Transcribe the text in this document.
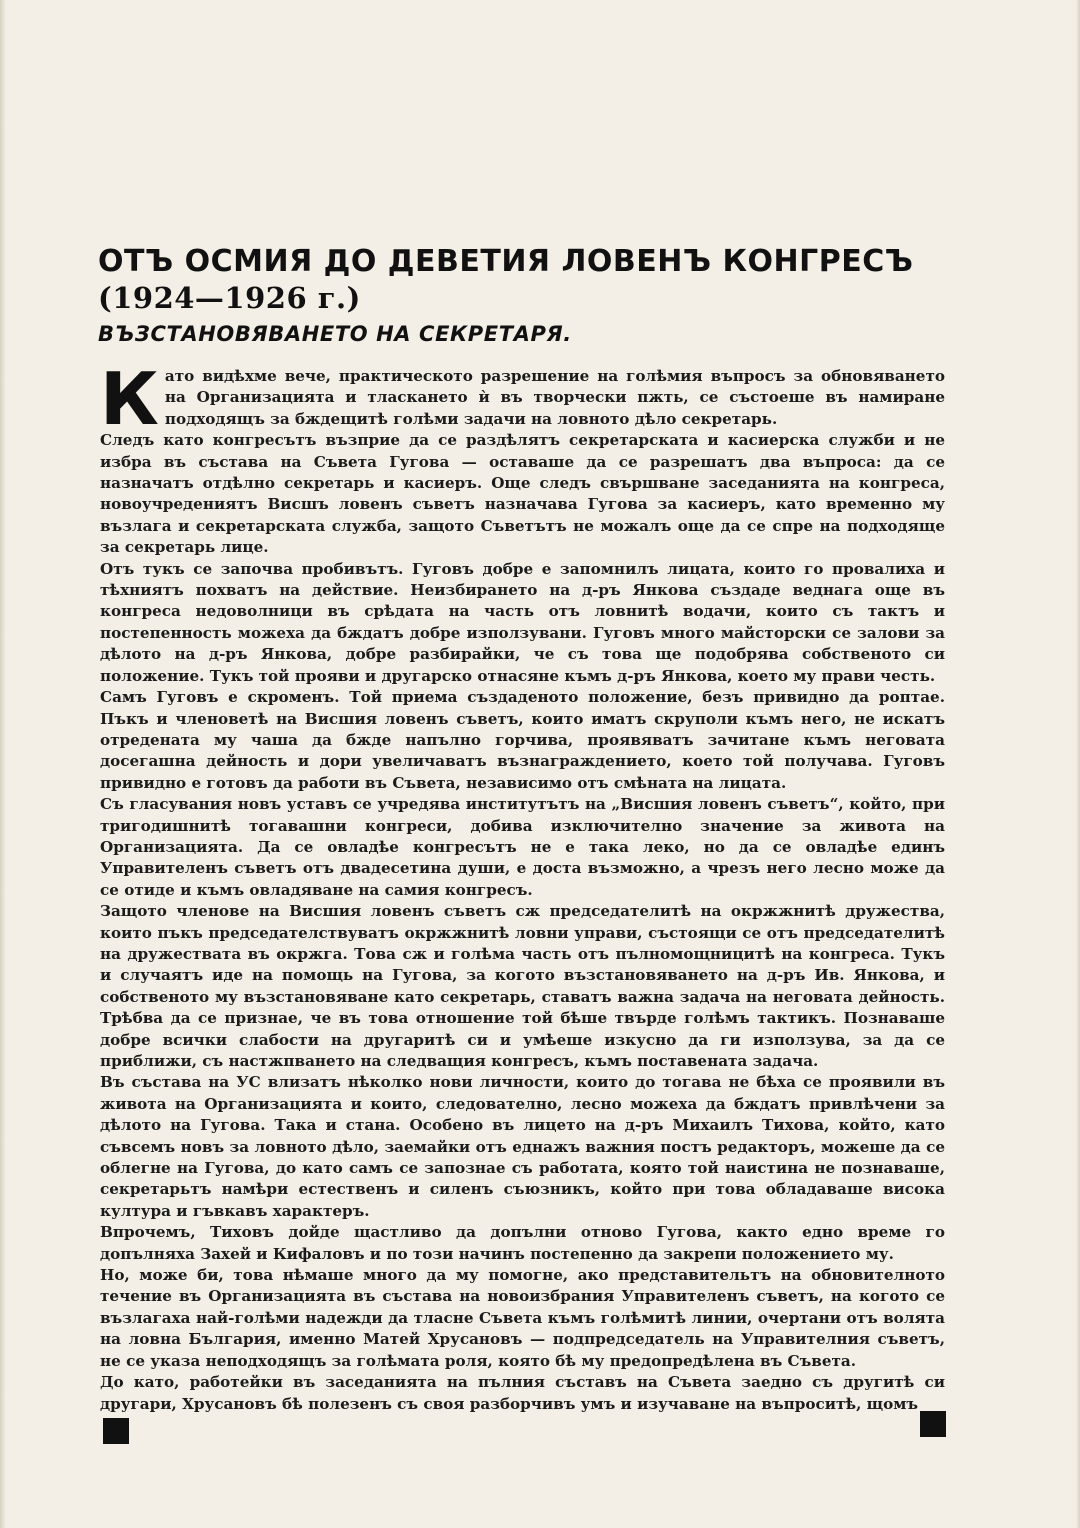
ОТЪ ОСМИЯ ДО ДЕВЕТИЯ ЛОВЕНЪ КОНГРЕСЪ
(1924—1926 г.)
ВЪЗСТАНОВЯВАНЕТО НА СЕКРЕТАРЯ.

Като видѣхме вече, практическото разрешение на голѣмия въпросъ за обновяването на Организацията и тласкането ѝ въ творчески пжть, се състоеше въ намиране подходящъ за бждещитѣ голѣми задачи на ловното дѣло секретарь.

Следъ като конгресътъ възприе да се раздѣлятъ секретарската и касиерска служби и не избра въ състава на Съвета Гугова — оставаше да се разрешатъ два въпроса: да се назначатъ отдѣлно секретарь и касиеръ. Още следъ свършване заседанията на конгреса, новоучредениятъ Висшъ ловенъ съветъ назначава Гугова за касиеръ, като временно му възлага и секретарската служба, защото Съветътъ не можалъ още да се спре на подходяще за секретарь лице.

Отъ тукъ се започва пробивътъ. Гуговъ добре е запомнилъ лицата, които го провалиха и тѣхниятъ похватъ на действие. Неизбирането на д-ръ Янкова създаде веднага още въ конгреса недоволници въ срѣдата на часть отъ ловнитѣ водачи, които съ тактъ и постепенность можеха да бждатъ добре използувани. Гуговъ много майсторски се залови за дѣлото на д-ръ Янкова, добре разбирайки, че съ това ще подобрява собственото си положение. Тукъ той прояви и другарско отнасяне къмъ д-ръ Янкова, което му прави честь.

Самъ Гуговъ е скроменъ. Той приема създаденото положение, безъ привидно да роптае. Пъкъ и членоветѣ на Висшия ловенъ съветъ, които иматъ скруполи къмъ него, не искатъ отредената му чаша да бжде напълно горчива, проявяватъ зачитане къмъ неговата досегашна дейность и дори увеличаватъ възнаграждението, което той получава. Гуговъ привидно е готовъ да работи въ Съвета, независимо отъ смѣната на лицата.

Съ гласувания новъ уставъ се учредява институтътъ на „Висшия ловенъ съветъ“, който, при тригодишнитѣ тогавашни конгреси, добива изключително значение за живота на Организацията. Да се овладѣе конгресътъ не е така леко, но да се овладѣе единъ Управителенъ съветъ отъ двадесетина души, е доста възможно, а чрезъ него лесно може да се отиде и къмъ овладяване на самия конгресъ.

Защото членове на Висшия ловенъ съветъ сж председателитѣ на окржжнитѣ дружества, които пъкъ председателствуватъ окржжнитѣ ловни управи, състоящи се отъ председателитѣ на дружествата въ окржга. Това сж и голѣма часть отъ пълномощницитѣ на конгреса. Тукъ и случаятъ иде на помощь на Гугова, за когото възстановяването на д-ръ Ив. Янкова, и собственото му възстановяване като секретарь, ставатъ важна задача на неговата дейность. Трѣбва да се признае, че въ това отношение той бѣше твърде голѣмъ тактикъ. Познаваше добре всички слабости на другаритѣ си и умѣеше изкусно да ги използува, за да се приближи, съ настжпването на следващия конгресъ, къмъ поставената задача.

Въ състава на УС влизатъ нѣколко нови личности, които до тогава не бѣха се проявили въ живота на Организацията и които, следователно, лесно можеха да бждатъ привлѣчени за дѣлото на Гугова. Така и стана. Особено въ лицето на д-ръ Михаилъ Тихова, който, като съвсемъ новъ за ловното дѣло, заемайки отъ еднажъ важния постъ редакторъ, можеше да се облегне на Гугова, до като самъ се запознае съ работата, която той наистина не познаваше, секретарьтъ намѣри естественъ и силенъ съюзникъ, който при това обладаваше висока култура и гъвкавъ характеръ.

Впрочемъ, Тиховъ дойде щастливо да допълни отново Гугова, както едно време го допълняха Захей и Кифаловъ и по този начинъ постепенно да закрепи положението му.

Но, може би, това нѣмаше много да му помогне, ако представительтъ на обновителното течение въ Организацията въ състава на новоизбрания Управителенъ съветъ, на когото се възлагаха най-голѣми надежди да тласне Съвета къмъ голѣмитѣ линии, очертани отъ волята на ловна България, именно Матей Хрусановъ — подпредседатель на Управителния съветъ, не се указа неподходящъ за голѣмата роля, която бѣ му предопредѣлена въ Съвета.

До като, работейки въ заседанията на пълния съставъ на Съвета заедно съ другитѣ си другари, Хрусановъ бѣ полезенъ съ своя разборчивъ умъ и изучаване на въпроситѣ, щомъ
